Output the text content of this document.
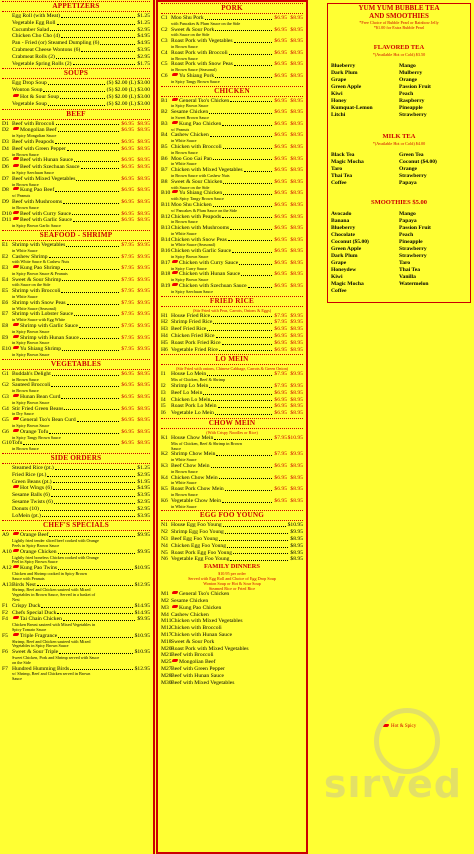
APPETIZERS
Egg Roll (with Meat)	$1.25
Vegetable Egg Roll	$1.25
Cucumber Salad	$2.95
Chicken Cho Cho (4)	$4.95
Pan - Fried (or) Steamed Dumpling (6)	$4.95
Crabmeat Cheese Wontons (6)	$3.95
Crabmeat Rolls (2)	$2.95
Vegetable Spring Rolls (2)	$1.75
SOUPS
Egg Drop Soup	(S) $2.00 (L) $3.00
Wonton Soup	(S) $2.00 (L) $3.00
Hot & Sour Soup	(S) $2.00 (L) $3.00
Vegetable Soup	(S) $2.00 (L) $3.00
BEEF
D1 Beef with Broccoli	$6.95 $8.95
D2	Mongolian Beef	$6.95 $8.95
in Spicy Mongolian Sauce
D3 Beef with Peapods	$6.95 $8.95
D4 Beef with Green Pepper	$6.95 $8.95
in Brown Sauce
D5	Beef with Hunan Sauce	$6.95 $8.95
D6	Beef with Szechuan Sauce	$6.95 $8.95
in Spicy Szechuan Sauce
D7 Beef with Mixed Vegetables	$6.95 $8.95
in Brown Sauce
D8	Kung Pao Beef	$6.95 $8.95
w/ Peanuts
D9 Beef with Mushrooms	$6.95 $8.95
in Brown Sauce
D10 Beef with Curry Sauce	$6.95 $8.95
D11 Beef with Garlic Sauce	$6.95 $8.95
in Spicy Brown Garlic Sauce
SEAFOOD - SHRIMP
E1 Shrimp with Vegetables	$7.95 $9.95
in White Sauce
E2 Cashew Shrimp	$7.95 $9.95
with White Sauce & Cashew Nuts
E3	Kung Pao Shrimp	$7.95 $9.95
in Spicy Brown Sauce & Peanuts
E4 Sweet & Sour Shrimp	$7.95 $9.95
with Sauce on the Side
E5 Shrimp with Broccoli	$7.95 $9.95
in White Sauce
E6 Shrimp with Snow Peas	$7.95 $9.95
in White Sauce (Seasonal)
E7 Shrimp with Lobster Sauce	$7.95 $9.95
in White Sauce with Egg White
E8	Shrimp with Garlic Sauce	$7.95 $9.95
in Spicy Brown Sauce
E9	Shrimp with Hunan Sauce	$7.95 $9.95
in Spicy Brown Sauce
E10 Yu Shiang Shrimp	$7.95 $9.95
in Spicy Brown Sauce
VEGETABLES
G1 Buddah's Delight	$6.95 $8.95
in Brown Sauce
G2 Sauteed Broccoli	$6.95 $8.95
in Brown Sauce
G3	Hunan Bean Curd	$6.95 $8.95
in Spicy Brown Sauce
G4 Stir Fried Green Beans	$6.95 $8.95
in Dry Sauce
G5	General Tso's Bean Curd	$6.95 $8.95
in Spicy Brown Sauce
G6	Orange Tofu	$6.95 $8.95
in Spicy Tangy Brown Sauce
G10 Tofu	$6.95 $8.95
in Brown Sauce
SIDE ORDERS
Steamed Rice (pt.)	$1.25
Fried Rice (pt.)	$2.95
Green Beans (pt.)	$1.95
Hot Wings (6)	$4.95
Sesame Balls (6)	$3.95
Sesame Twists (6)	$2.95
Donuts (10)	$2.95
LoMein (pt.)	$3.95
CHEF'S SPECIALS
A9	Orange Beef	$9.95
Lightly fried tender sliced beef cooked with Orange
Peels in Spicy Brown Sauce
A10 Orange Chicken	$9.95
Lightly fried boneless Chicken cooked with Orange
Peel in Spicy Brown Sauce
A12 Kung Pao Twins	$10.95
Chicken and Shrimp cooked in Spicy Brown
Sauce with Peanuts
A13 Birds Nest	$12.95
Shrimp, Beef and Chicken sauteed with Mixed
Vegetables in Brown Sauce, Served in a basket of
Nest
F1 Crispy Duck	$14.95
F2 Chefs Special Duck	$14.95
F4	Tai Chain Chicken	$9.95
Chicken Breast sauteed with Mixed Vegetables in
Spicy Tomato Sauce
F5	Triple Fragrance	$10.95
Shrimp, Beef and Chicken sauteed with Mixed
Vegetables in Spicy Brown Sauce
F6 Sweet & Sour Triple	$10.95
Sweet Chicken, Pork and Shrimp served with Sauce
on the Side
F7 Hundred Humming Birds	$12.95
w/ Shrimp, Beef and Chicken served in Brown
Sauce
PORK
C1 Moo Shu Pork	$6.95 $8.95
with Pancakes & Plum Sauce on the Side
C2 Sweet & Sour Pork	$6.95 $8.95
with Sauce on the Side
C3 Roast Pork with Vegetables	$6.95 $8.95
in Brown Sauce
C4 Roast Pork with Broccoli	$6.95 $8.95
in Brown Sauce
C5 Roast Pork with Snow Peas	$6.95 $8.95
in Brown Sauce (Seasonal)
C6	Yu Shiang Pork	$6.95 $8.95
in Spicy Tangy Brown Sauce
CHICKEN
B1	General Tso's Chicken	$6.95 $8.95
in Spicy Brown Sauce
B2 Sesame Chicken	$6.95 $8.95
in Sweet Brown Sauce
B3	Kung Pao Chicken	$6.95 $8.95
w/ Peanuts
B4 Cashew Chicken	$6.95 $8.95
in White Sauce
B5 Chicken with Broccoli	$6.95 $8.95
in Brown Sauce
B6 Moo Goo Gai Pan	$6.95 $8.95
in White Sauce
B7 Chicken with Mixed Vegetables	$6.95 $8.95
in Brown Sauce with Cashew Nuts
B8 Sweet & Sour Chicken	$6.95 $8.95
with Sauce on the Side
B10 Yu Shiang Chicken	$6.95 $8.95
with Spicy Tangy Brown Sauce
B11 Moo Shu Chicken	$6.95 $8.95
w/ Pancakes & Plum Sauce on the Side
B12 Chicken with Peapods	$6.95 $8.95
in Brown Sauce
B13 Chicken with Mushrooms	$6.95 $8.95
in White Sauce
B14 Chicken with Snow Peas	$6.95 $8.95
in White Sauce (Seasonal)
B16 Chicken with Garlic Sauce	$6.95 $8.95
in Spicy Brown Sauce
B17 Chicken with Curry Sauce	$6.95 $8.95
in Spicy Curry Sauce
B18 Chicken with Hunan Sauce	$6.95 $8.95
in Spicy Brown Sauce
B19 Chicken with Szechuan Sauce	$6.95 $8.95
in Spicy Szechuan Sauce
FRIED RICE
(Stir Fried with Peas, Carrots, Onions & Eggs)
H1 House Fried Rice	$7.95 $9.95
H2 Shrimp Fried Rice	$7.95 $9.95
H3 Beef Fried Rice	$6.95 $8.95
H4 Chicken Fried Rice	$6.95 $8.95
H5 Roast Pork Fried Rice	$6.95 $8.95
H6 Vegetable Fried Rice	$6.95 $8.95
LO MEIN
(Stir Fried with onions, Chinese Cabbage, Carrots & Green Onion)
I1 House Lo Mein	$7.95 $9.95
Mix of Chicken, Beef & Shrimp
I2 Shrimp Lo Mein	$7.95 $9.95
I3 Beef Lo Mein	$6.95 $8.95
I4 Chicken Lo Mein	$6.95 $8.95
I5 Roast Pork Lo Mein	$6.95 $8.95
I6 Vegetable Lo Mein	$6.95 $8.95
CHOW MEIN
(With Crispy Noodles or Rice)
K1 House Chow Mein	$7.95 $10.95
Mix of Chicken, Beef & Shrimp in Brown
Sauce
K2 Shrimp Chow Mein	$7.95 $9.95
in White Sauce
K3 Beef Chow Mein	$6.95 $8.95
in Brown Sauce
K4 Chicken Chow Mein	$6.95 $8.95
in White Sauce
K5 Roast Pork Chow Mein	$6.95 $8.95
in Brown Sauce
K6 Vegetable Chow Mein	$6.95 $8.95
in White Sauce
EGG FOO YOUNG
N1 House Egg Foo Young	$10.95
N2 Shrimp Egg Foo Young	$9.95
N3 Beef Egg Foo Young	$8.95
N4 Chicken Egg Foo Young	$8.95
N5 Roast Pork Egg Foo Young	$8.95
N6 Vegetable Egg Foo Young	$8.95
FAMILY DINNERS
$10.95 per order
Served with Egg Roll and Choice of Egg Drop Soup
Wonton Soup or Hot & Sour Soup
Steamed Rice or Fried Rice
M1	General Tso's Chicken
M2 Sesame Chicken
M3	Kung Pao Chicken
M4 Cashew Chicken
M11 Chicken with Mixed Vegetables
M12 Chicken with Broccoli
M17 Chicken with Hunan Sauce
M18 Sweet & Sour Pork
M20 Roast Pork with Mixed Vegetables
M21 Beef with Broccoli
M25 Mongolian Beef
M27 Beef with Green Pepper
M28 Beef with Hunan Sauce
M30 Beef with Mixed Vegetables
YUM YUM BUBBLE TEA
AND SMOOTHIES
*Free Choice of Bubble Pearl or Rainbow Jelly
*$1.00 for Extra Bubble Pearl
FLAVORED TEA
*(Available Hot or Cold) $3.50
Blueberry	Mango
Dark Plum	Mulberry
Grape	Orange
Green Apple	Passion Fruit
Kiwi	Peach
Honey	Raspberry
Kumquat-Lemon	Pineapple
Litchi	Strawberry
MILK TEA
*(Available Hot or Cold) $4.00
Black Tea	Green Tea
Magic Mocha	Coconut ($4.00)
Taro	Orange
Thai Tea	Strawberry
Coffee	Papaya
SMOOTHIES $5.00
Avocado	Mango
Banana	Papaya
Blueberry	Passion Fruit
Chocolate	Peach
Coconut ($5.00)	Pineapple
Green Apple	Strawberry
Dark Plum	Strawberry
Grape	Taro
Honeydew	Thai Tea
Kiwi	Vanilla
Magic Mocha	Watermelon
Coffee
Hot & Spicy
sırved
